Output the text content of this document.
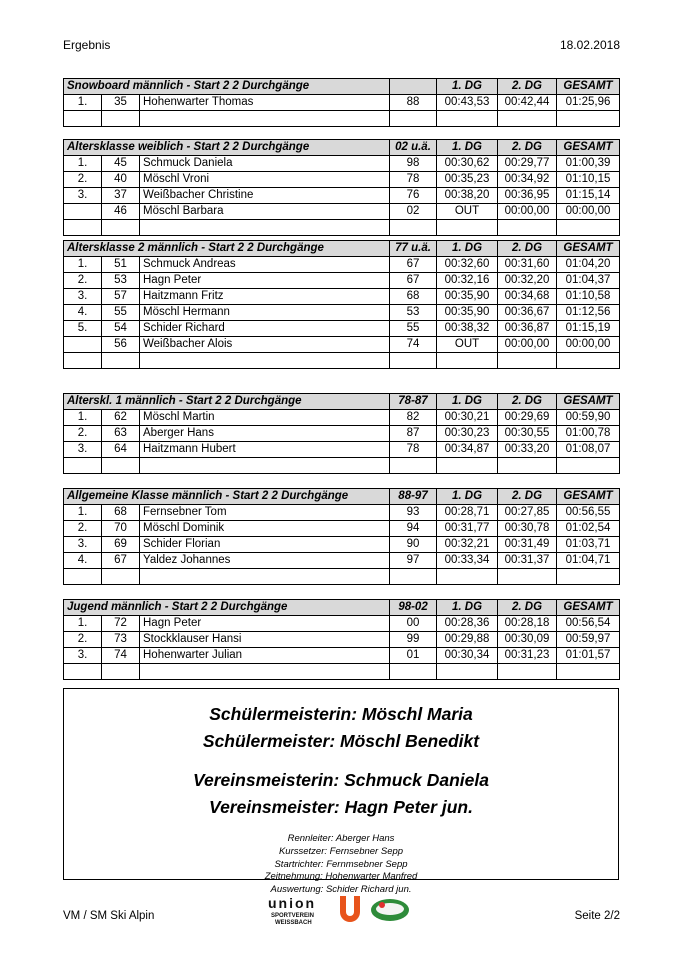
Ergebnis	18.02.2018
Snowboard männlich - Start 2 2 Durchgänge				1. DG	2. DG	GESAMT
1.	35	Hohenwarter Thomas	88	00:43,53	00:42,44	01:25,96

Altersklasse weiblich - Start 2 2 Durchgänge			02 u.ä.	1. DG	2. DG	GESAMT
1.	45	Schmuck Daniela	98	00:30,62	00:29,77	01:00,39
2.	40	Möschl Vroni	78	00:35,23	00:34,92	01:10,15
3.	37	Weißbacher Christine	76	00:38,20	00:36,95	01:15,14
	46	Möschl Barbara	02	OUT	00:00,00	00:00,00

Altersklasse 2 männlich - Start 2 2 Durchgänge			77 u.ä.	1. DG	2. DG	GESAMT
1.	51	Schmuck Andreas	67	00:32,60	00:31,60	01:04,20
2.	53	Hagn Peter	67	00:32,16	00:32,20	01:04,37
3.	57	Haitzmann Fritz	68	00:35,90	00:34,68	01:10,58
4.	55	Möschl Hermann	53	00:35,90	00:36,67	01:12,56
5.	54	Schider Richard	55	00:38,32	00:36,87	01:15,19
	56	Weißbacher Alois	74	OUT	00:00,00	00:00,00

Alterskl. 1 männlich - Start 2 2 Durchgänge			78-87	1. DG	2. DG	GESAMT
1.	62	Möschl Martin	82	00:30,21	00:29,69	00:59,90
2.	63	Aberger Hans	87	00:30,23	00:30,55	01:00,78
3.	64	Haitzmann Hubert	78	00:34,87	00:33,20	01:08,07

Allgemeine Klasse männlich - Start 2 2 Durchgänge			88-97	1. DG	2. DG	GESAMT
1.	68	Fernsebner Tom	93	00:28,71	00:27,85	00:56,55
2.	70	Möschl Dominik	94	00:31,77	00:30,78	01:02,54
3.	69	Schider Florian	90	00:32,21	00:31,49	01:03,71
4.	67	Yaldez Johannes	97	00:33,34	00:31,37	01:04,71

Jugend männlich - Start 2 2 Durchgänge			98-02	1. DG	2. DG	GESAMT
1.	72	Hagn Peter	00	00:28,36	00:28,18	00:56,54
2.	73	Stockklauser Hansi	99	00:29,88	00:30,09	00:59,97
3.	74	Hohenwarter Julian	01	00:30,34	00:31,23	01:01,57

Schülermeisterin: Möschl Maria
Schülermeister: Möschl Benedikt
Vereinsmeisterin: Schmuck Daniela
Vereinsmeister: Hagn Peter jun.
Rennleiter: Aberger Hans
Kurssetzer: Fernsebner Sepp
Startrichter: Fernmsebner Sepp
Zeitnehmung: Hohenwarter Manfred
Auswertung: Schider Richard jun.
VM / SM Ski Alpin	Seite 2/2
union
SPORTVEREIN
WEISSBACH
